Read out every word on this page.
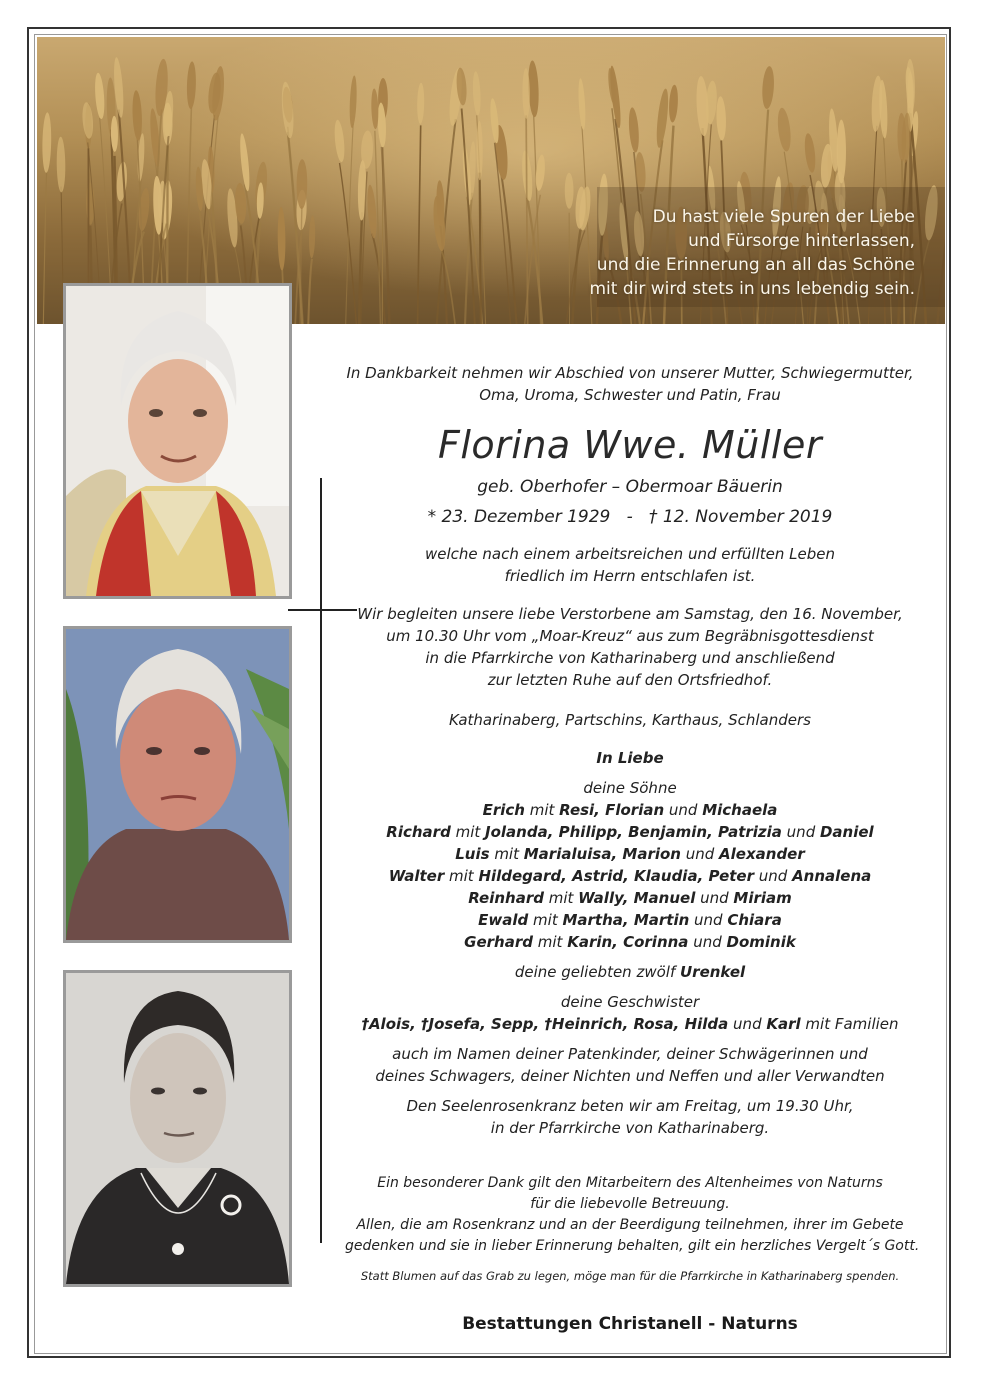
Du hast viele Spuren der Liebe
und Fürsorge hinterlassen,
und die Erinnerung an all das Schöne
mit dir wird stets in uns lebendig sein.
In Dankbarkeit nehmen wir Abschied von unserer Mutter, Schwiegermutter,
Oma, Uroma, Schwester und Patin, Frau
Florina Wwe. Müller
geb. Oberhofer – Obermoar Bäuerin
* 23. Dezember 1929   -   † 12. November 2019
welche nach einem arbeitsreichen und erfüllten Leben
friedlich im Herrn entschlafen ist.
Wir begleiten unsere liebe Verstorbene am Samstag, den 16. November,
um 10.30 Uhr vom „Moar-Kreuz“ aus zum Begräbnisgottesdienst
in die Pfarrkirche von Katharinaberg und anschließend
zur letzten Ruhe auf den Ortsfriedhof.
Katharinaberg, Partschins, Karthaus, Schlanders
In Liebe
deine Söhne
Erich mit Resi, Florian und Michaela
Richard mit Jolanda, Philipp, Benjamin, Patrizia und Daniel
Luis mit Marialuisa, Marion und Alexander
Walter mit Hildegard, Astrid, Klaudia, Peter und Annalena
Reinhard mit Wally, Manuel und Miriam
Ewald mit Martha, Martin und Chiara
Gerhard mit Karin, Corinna und Dominik
deine geliebten zwölf Urenkel
deine Geschwister
†Alois, †Josefa, Sepp, †Heinrich, Rosa, Hilda und Karl mit Familien
auch im Namen deiner Patenkinder, deiner Schwägerinnen und
deines Schwagers, deiner Nichten und Neffen und aller Verwandten
Den Seelenrosenkranz beten wir am Freitag, um 19.30 Uhr,
in der Pfarrkirche von Katharinaberg.
Ein besonderer Dank gilt den Mitarbeitern des Altenheimes von Naturns
für die liebevolle Betreuung.
Allen, die am Rosenkranz und an der Beerdigung teilnehmen, ihrer im Gebete
gedenken und sie in lieber Erinnerung behalten, gilt ein herzliches Vergelt´s Gott.
Statt Blumen auf das Grab zu legen, möge man für die Pfarrkirche in Katharinaberg spenden.
Bestattungen Christanell - Naturns
